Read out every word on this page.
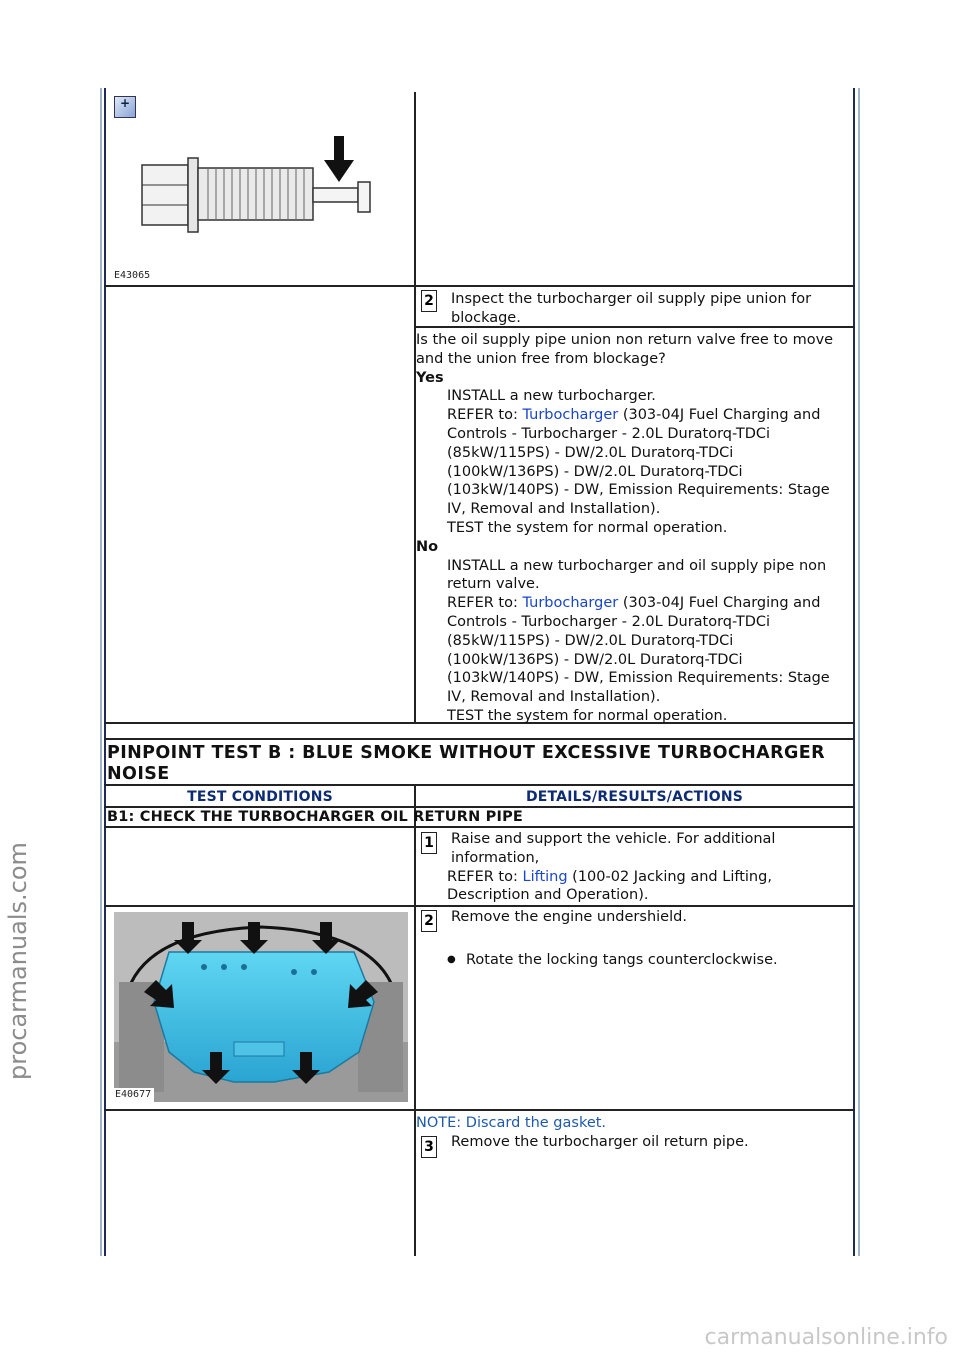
+
E43065
2 Inspect the turbocharger oil supply pipe union for blockage.
Is the oil supply pipe union non return valve free to move and the union free from blockage?
Yes
INSTALL a new turbocharger.
REFER to: Turbocharger (303-04J Fuel Charging and Controls - Turbocharger - 2.0L Duratorq-TDCi (85kW/115PS) - DW/2.0L Duratorq-TDCi (100kW/136PS) - DW/2.0L Duratorq-TDCi (103kW/140PS) - DW, Emission Requirements: Stage IV, Removal and Installation).
TEST the system for normal operation.
No
INSTALL a new turbocharger and oil supply pipe non return valve.
REFER to: Turbocharger (303-04J Fuel Charging and Controls - Turbocharger - 2.0L Duratorq-TDCi (85kW/115PS) - DW/2.0L Duratorq-TDCi (100kW/136PS) - DW/2.0L Duratorq-TDCi (103kW/140PS) - DW, Emission Requirements: Stage IV, Removal and Installation).
TEST the system for normal operation.
PINPOINT TEST B : BLUE SMOKE WITHOUT EXCESSIVE TURBOCHARGER NOISE
TEST CONDITIONS	DETAILS/RESULTS/ACTIONS
B1: CHECK THE TURBOCHARGER OIL RETURN PIPE
1 Raise and support the vehicle. For additional information,
REFER to: Lifting (100-02 Jacking and Lifting, Description and Operation).
E40677
2 Remove the engine undershield.
● Rotate the locking tangs counterclockwise.
NOTE: Discard the gasket.
3 Remove the turbocharger oil return pipe.
procarmanuals.com
carmanualsonline.info
